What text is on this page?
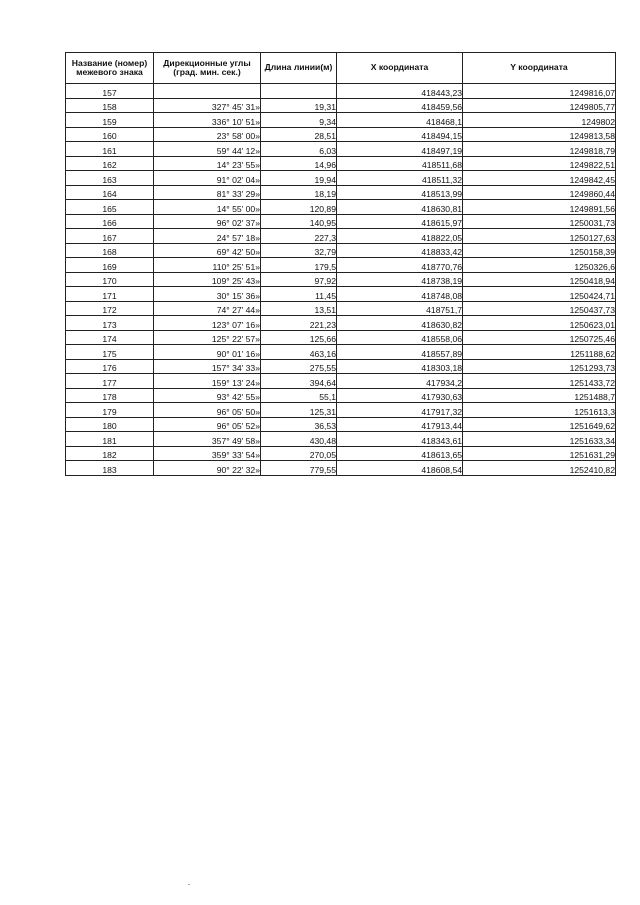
Название (номер) межевого знака	Дирекционные углы (град. мин. сек.)	Длина линии(м)	X координата	Y координата
157			418443,23	1249816,07
158	327° 45' 31»	19,31	418459,56	1249805,77
159	336° 10' 51»	9,34	418468,1	1249802
160	23° 58' 00»	28,51	418494,15	1249813,58
161	59° 44' 12»	6,03	418497,19	1249818,79
162	14° 23' 55»	14,96	418511,68	1249822,51
163	91° 02' 04»	19,94	418511,32	1249842,45
164	81° 33' 29»	18,19	418513,99	1249860,44
165	14° 55' 00»	120,89	418630,81	1249891,56
166	96° 02' 37»	140,95	418615,97	1250031,73
167	24° 57' 18»	227,3	418822,05	1250127,63
168	69° 42' 50»	32,79	418833,42	1250158,39
169	110° 25' 51»	179,5	418770,76	1250326,6
170	109° 25' 43»	97,92	418738,19	1250418,94
171	30° 15' 36»	11,45	418748,08	1250424,71
172	74° 27' 44»	13,51	418751,7	1250437,73
173	123° 07' 16»	221,23	418630,82	1250623,01
174	125° 22' 57»	125,66	418558,06	1250725,46
175	90° 01' 16»	463,16	418557,89	1251188,62
176	157° 34' 33»	275,55	418303,18	1251293,73
177	159° 13' 24»	394,64	417934,2	1251433,72
178	93° 42' 55»	55,1	417930,63	1251488,7
179	96° 05' 50»	125,31	417917,32	1251613,3
180	96° 05' 52»	36,53	417913,44	1251649,62
181	357° 49' 58»	430,48	418343,61	1251633,34
182	359° 33' 54»	270,05	418613,65	1251631,29
183	90° 22' 32»	779,55	418608,54	1252410,82
